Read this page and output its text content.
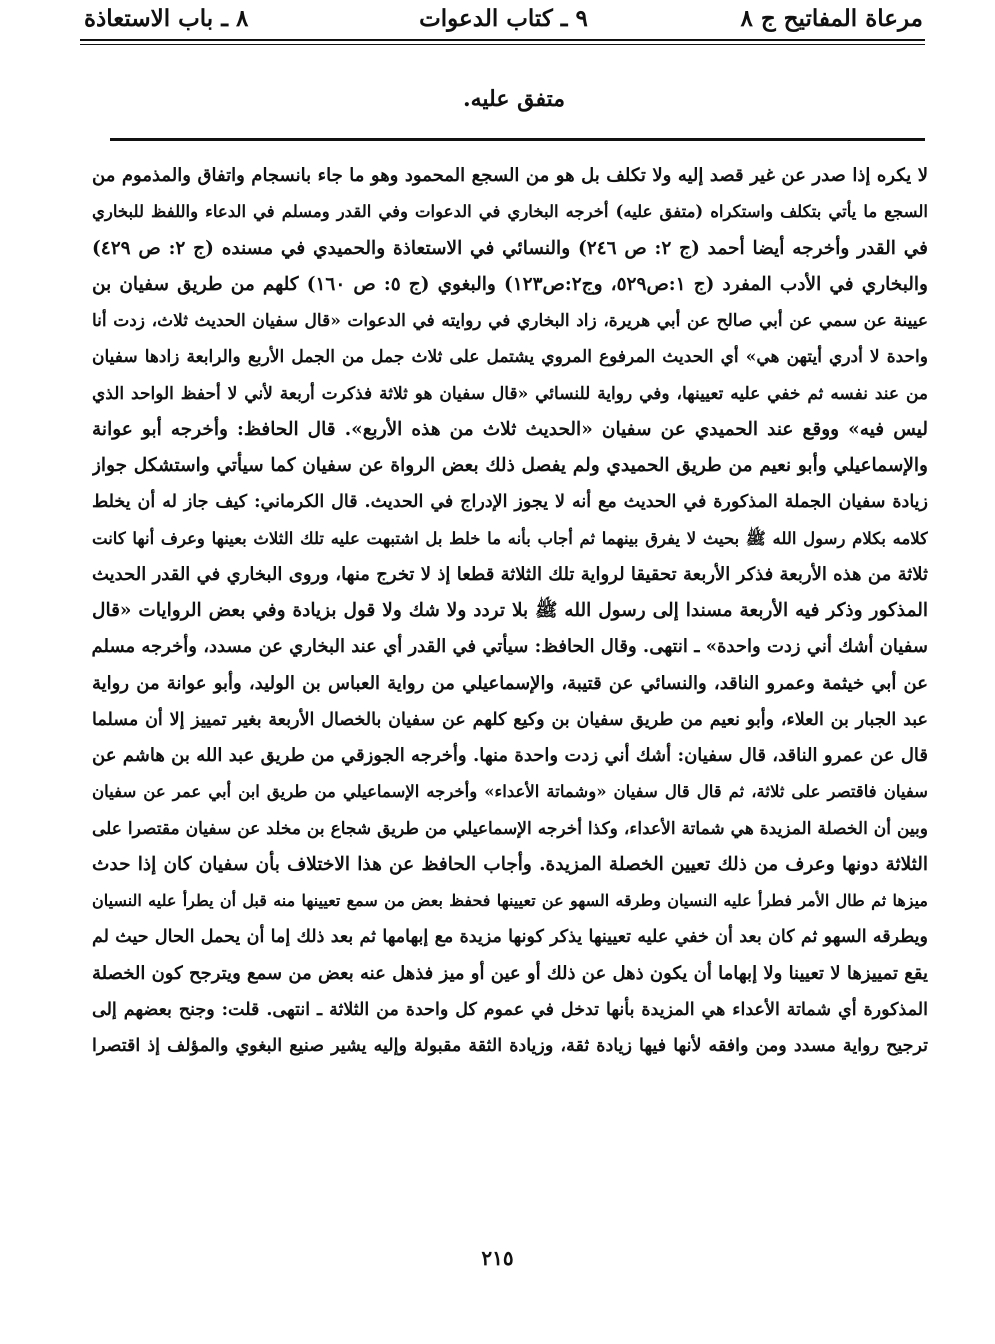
مرعاة المفاتيح ج ٨
٩ ـ كتاب الدعوات
٨ ـ باب الاستعاذة
متفق عليه.
لا يكره إذا صدر عن غير قصد إليه ولا تكلف بل هو من السجع المحمود وهو ما جاء بانسجام واتفاق والمذموم من
السجع ما يأتي بتكلف واستكراه (متفق عليه) أخرجه البخاري في الدعوات وفي القدر ومسلم في الدعاء واللفظ للبخاري
في القدر وأخرجه أيضا أحمد (ج ٢: ص ٢٤٦) والنسائي في الاستعاذة والحميدي في مسنده (ج ٢: ص ٤٢٩)
والبخاري في الأدب المفرد (ج ١:ص٥٢٩، وج٢:ص١٢٣) والبغوي (ج ٥: ص ١٦٠) كلهم من طريق سفيان بن
عيينة عن سمي عن أبي صالح عن أبي هريرة، زاد البخاري في روايته في الدعوات «قال سفيان الحديث ثلاث، زدت أنا
واحدة لا أدري أيتهن هي» أي الحديث المرفوع المروي يشتمل على ثلاث جمل من الجمل الأربع والرابعة زادها سفيان
من عند نفسه ثم خفي عليه تعيينها، وفي رواية للنسائي «قال سفيان هو ثلاثة فذكرت أربعة لأني لا أحفظ الواحد الذي
ليس فيه» ووقع عند الحميدي عن سفيان «الحديث ثلاث من هذه الأربع». قال الحافظ: وأخرجه أبو عوانة
والإسماعيلي وأبو نعيم من طريق الحميدي ولم يفصل ذلك بعض الرواة عن سفيان كما سيأتي واستشكل جواز
زيادة سفيان الجملة المذكورة في الحديث مع أنه لا يجوز الإدراج في الحديث. قال الكرماني: كيف جاز له أن يخلط
كلامه بكلام رسول الله ﷺ بحيث لا يفرق بينهما ثم أجاب بأنه ما خلط بل اشتبهت عليه تلك الثلاث بعينها وعرف أنها كانت
ثلاثة من هذه الأربعة فذكر الأربعة تحقيقا لرواية تلك الثلاثة قطعا إذ لا تخرج منها، وروى البخاري في القدر الحديث
المذكور وذكر فيه الأربعة مسندا إلى رسول الله ﷺ بلا تردد ولا شك ولا قول بزيادة وفي بعض الروايات «قال
سفيان أشك أني زدت واحدة» ـ انتهى. وقال الحافظ: سيأتي في القدر أي عند البخاري عن مسدد، وأخرجه مسلم
عن أبي خيثمة وعمرو الناقد، والنسائي عن قتيبة، والإسماعيلي من رواية العباس بن الوليد، وأبو عوانة من رواية
عبد الجبار بن العلاء، وأبو نعيم من طريق سفيان بن وكيع كلهم عن سفيان بالخصال الأربعة بغير تمييز إلا أن مسلما
قال عن عمرو الناقد، قال سفيان: أشك أني زدت واحدة منها. وأخرجه الجوزقي من طريق عبد الله بن هاشم عن
سفيان فاقتصر على ثلاثة، ثم قال قال سفيان «وشماتة الأعداء» وأخرجه الإسماعيلي من طريق ابن أبي عمر عن سفيان
وبين أن الخصلة المزيدة هي شماتة الأعداء، وكذا أخرجه الإسماعيلي من طريق شجاع بن مخلد عن سفيان مقتصرا على
الثلاثة دونها وعرف من ذلك تعيين الخصلة المزيدة. وأجاب الحافظ عن هذا الاختلاف بأن سفيان كان إذا حدث
ميزها ثم طال الأمر فطرأ عليه النسيان وطرقه السهو عن تعيينها فحفظ بعض من سمع تعيينها منه قبل أن يطرأ عليه النسيان
ويطرقه السهو ثم كان بعد أن خفي عليه تعيينها يذكر كونها مزيدة مع إبهامها ثم بعد ذلك إما أن يحمل الحال حيث لم
يقع تمييزها لا تعيينا ولا إبهاما أن يكون ذهل عن ذلك أو عين أو ميز فذهل عنه بعض من سمع ويترجح كون الخصلة
المذكورة أي شماتة الأعداء هي المزيدة بأنها تدخل في عموم كل واحدة من الثلاثة ـ انتهى. قلت: وجنح بعضهم إلى
ترجيح رواية مسدد ومن وافقه لأنها فيها زيادة ثقة، وزيادة الثقة مقبولة وإليه يشير صنيع البغوي والمؤلف إذ اقتصرا
٢١٥
